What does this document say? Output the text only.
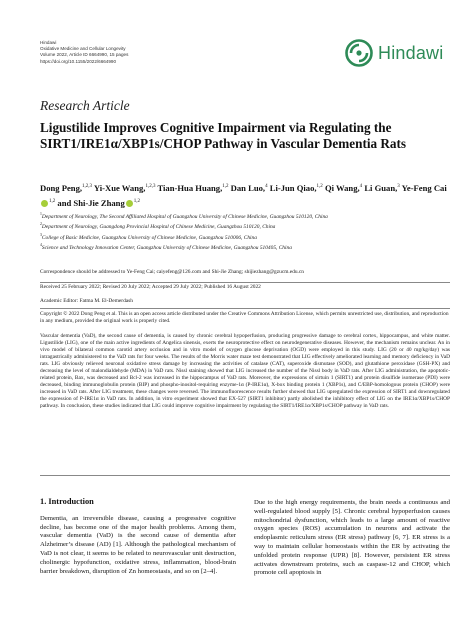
Hindawi
Oxidative Medicine and Cellular Longevity
Volume 2022, Article ID 6664990, 15 pages
https://doi.org/10.1155/2022/6664990	Hindawi
Research Article
Ligustilide Improves Cognitive Impairment via Regulating the SIRT1/IRE1α/XBP1s/CHOP Pathway in Vascular Dementia Rats
Dong Peng,$^{1,2,3}$ Yi-Xue Wang,$^{1,2,3}$ Tian-Hua Huang,$^{1,2}$ Dan Luo,$^4$ Li-Jun Qiao,$^{1,2}$ Qi Wang,$^4$ Li Guan,$^3$ Ye-Feng Cai$^{1,2}$ and Shi-Jie Zhang $^{1,2}$
$^1$Department of Neurology, The Second Affiliated Hospital of Guangzhou University of Chinese Medicine, Guangzhou 510120, China
$^2$Department of Neurology, Guangdong Provincial Hospital of Chinese Medicine, Guangzhou 510120, China
$^3$College of Basic Medicine, Guangzhou University of Chinese Medicine, Guangzhou 510006, China
$^4$Science and Technology Innovation Center, Guangzhou University of Chinese Medicine, Guangzhou 510405, China
Correspondence should be addressed to Ye-Feng Cai; caiyefeng@126.com and Shi-Jie Zhang; shijiezhang@gzucm.edu.cn
Received 25 February 2022; Revised 20 July 2022; Accepted 29 July 2022; Published 16 August 2022
Academic Editor: Fatma M. El-Demerdash
Copyright © 2022 Dong Peng et al. This is an open access article distributed under the Creative Commons Attribution License, which permits unrestricted use, distribution, and reproduction in any medium, provided the original work is properly cited.
Vascular dementia (VaD), the second cause of dementia, is caused by chronic cerebral hypoperfusion, producing progressive damage to cerebral cortex, hippocampus, and white matter. Ligustilide (LIG), one of the main active ingredients of Angelica sinensis, exerts the neuroprotective effect on neurodegenerative diseases. However, the mechanism remains unclear. An in vivo model of bilateral common carotid artery occlusion and in vitro model of oxygen glucose deprivation (OGD) were employed in this study. LIG (20 or 40 mg/kg/day) was intragastrically administered to the VaD rats for four weeks. The results of the Morris water maze test demonstrated that LIG effectively ameliorated learning and memory deficiency in VaD rats. LIG obviously relieved neuronal oxidative stress damage by increasing the activities of catalase (CAT), superoxide dismutase (SOD), and glutathione peroxidase (GSH-PX) and decreasing the level of malondialdehyde (MDA) in VaD rats. Nissl staining showed that LIG increased the number of the Nissl body in VaD rats. After LIG administration, the apoptotic-related protein, Bax, was decreased and Bcl-2 was increased in the hippocampus of VaD rats. Moreover, the expressions of sirtuin 1 (SIRT1) and protein disulfide isomerase (PDI) were decreased, binding immunoglobulin protein (BIP) and phospho-inositol-requiring enzyme-1α (P-IRE1α), X-box binding protein 1 (XBP1s), and C/EBP-homologous protein (CHOP) were increased in VaD rats. After LIG treatment, these changes were reversed. The immunofluorescence results further showed that LIG upregulated the expression of SIRT1 and downregulated the expression of P-IRE1α in VaD rats. In addition, in vitro experiment showed that EX-527 (SIRT1 inhibitor) partly abolished the inhibitory effect of LIG on the IRE1α/XBP1s/CHOP pathway. In conclusion, these studies indicated that LIG could improve cognitive impairment by regulating the SIRT1/IRE1α/XBP1s/CHOP pathway in VaD rats.
1. Introduction
Dementia, an irreversible disease, causing a progressive cognitive decline, has become one of the major health problems. Among them, vascular dementia (VaD) is the second cause of dementia after Alzheimer’s disease (AD) [1]. Although the pathological mechanism of VaD is not clear, it seems to be related to neurovascular unit destruction, cholinergic hypofunction, oxidative stress, inflammation, blood-brain barrier breakdown, disruption of Zn homeostasis, and so on [2–4].
Due to the high energy requirements, the brain needs a continuous and well-regulated blood supply [5]. Chronic cerebral hypoperfusion causes mitochondrial dysfunction, which leads to a large amount of reactive oxygen species (ROS) accumulation in neurons and activate the endoplasmic reticulum stress (ER stress) pathway [6, 7]. ER stress is a way to maintain cellular homeostasis within the ER by activating the unfolded protein response (UPR) [8]. However, persistent ER stress activates downstream proteins, such as caspase-12 and CHOP, which promote cell apoptosis in
